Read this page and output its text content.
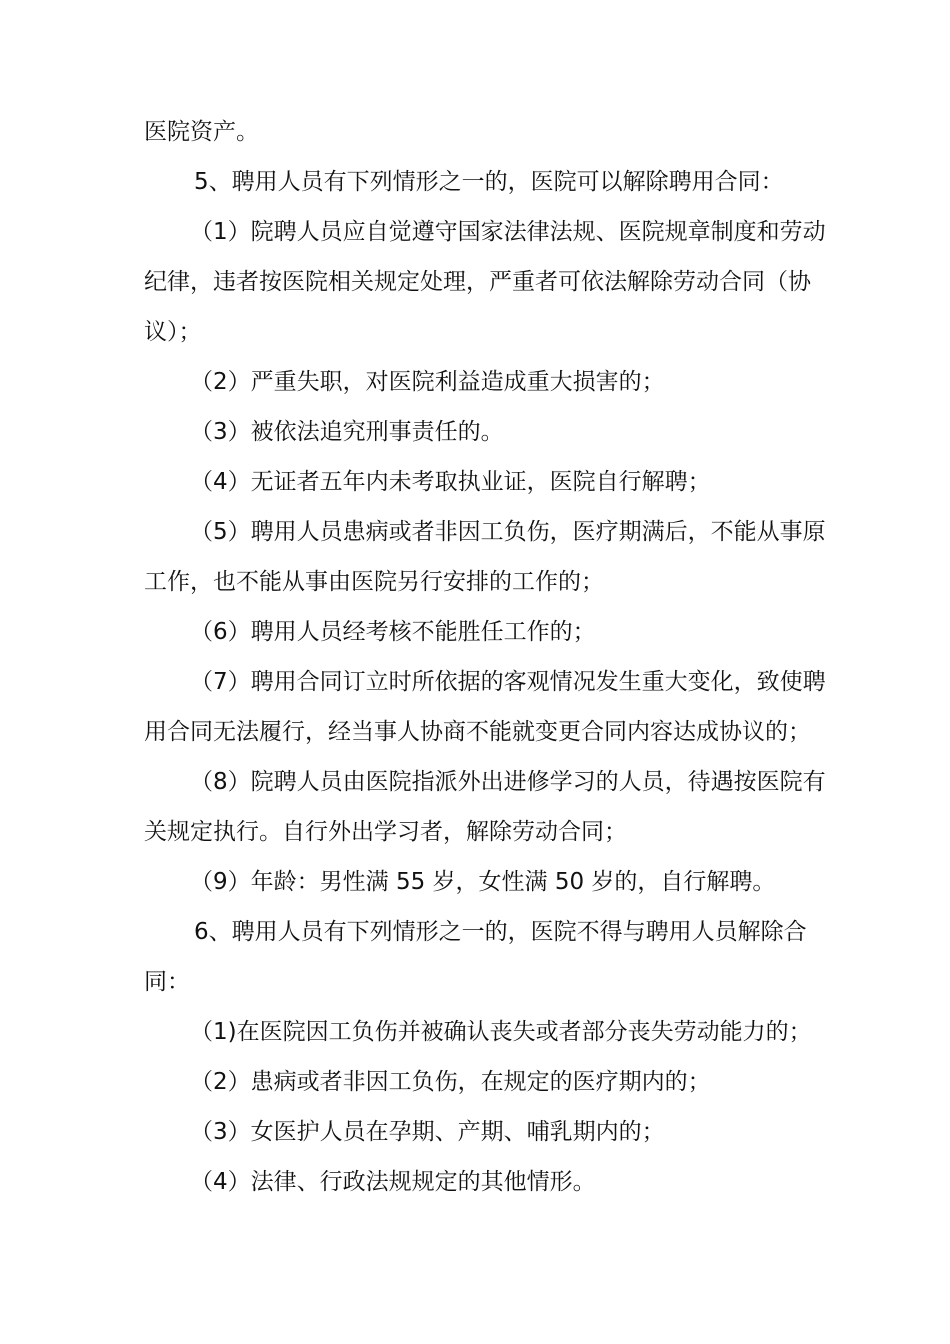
医院资产。
5、聘用人员有下列情形之一的，医院可以解除聘用合同：
（1）院聘人员应自觉遵守国家法律法规、医院规章制度和劳动
纪律，违者按医院相关规定处理，严重者可依法解除劳动合同（协
议）；
（2）严重失职，对医院利益造成重大损害的；
（3）被依法追究刑事责任的。
（4）无证者五年内未考取执业证，医院自行解聘；
（5）聘用人员患病或者非因工负伤，医疗期满后，不能从事原
工作，也不能从事由医院另行安排的工作的；
（6）聘用人员经考核不能胜任工作的；
（7）聘用合同订立时所依据的客观情况发生重大变化，致使聘
用合同无法履行，经当事人协商不能就变更合同内容达成协议的；
（8）院聘人员由医院指派外出进修学习的人员，待遇按医院有
关规定执行。自行外出学习者，解除劳动合同；
（9）年龄：男性满 55 岁，女性满 50 岁的，自行解聘。
6、聘用人员有下列情形之一的，医院不得与聘用人员解除合
同：
（1)在医院因工负伤并被确认丧失或者部分丧失劳动能力的；
（2）患病或者非因工负伤，在规定的医疗期内的；
（3）女医护人员在孕期、产期、哺乳期内的；
（4）法律、行政法规规定的其他情形。
